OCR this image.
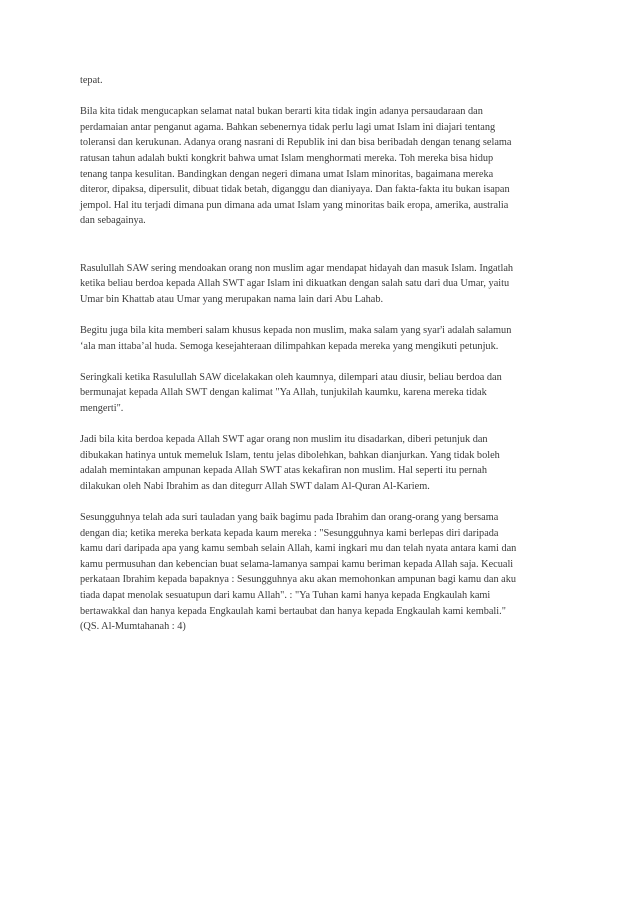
tepat.

Bila kita tidak mengucapkan selamat natal bukan berarti kita tidak ingin adanya persaudaraan dan
perdamaian antar penganut agama. Bahkan sebenernya tidak perlu lagi umat Islam ini diajari tentang
toleransi dan kerukunan. Adanya orang nasrani di Republik ini dan bisa beribadah dengan tenang selama
ratusan tahun adalah bukti kongkrit bahwa umat Islam menghormati mereka. Toh mereka bisa hidup
tenang tanpa kesulitan. Bandingkan dengan negeri dimana umat Islam minoritas, bagaimana mereka
diteror, dipaksa, dipersulit, dibuat tidak betah, diganggu dan dianiyaya. Dan fakta-fakta itu bukan isapan
jempol. Hal itu terjadi dimana pun dimana ada umat Islam yang minoritas baik eropa, amerika, australia
dan sebagainya.

Rasulullah SAW sering mendoakan orang non muslim agar mendapat hidayah dan masuk Islam. Ingatlah
ketika beliau berdoa kepada Allah SWT agar Islam ini dikuatkan dengan salah satu dari dua Umar, yaitu
Umar bin Khattab atau Umar yang merupakan nama lain dari Abu Lahab.

Begitu juga bila kita memberi salam khusus kepada non muslim, maka salam yang syar'i adalah salamun
‘ala man ittaba’al huda. Semoga kesejahteraan dilimpahkan kepada mereka yang mengikuti petunjuk.

Seringkali ketika Rasulullah SAW dicelakakan oleh kaumnya, dilempari atau diusir, beliau berdoa dan
bermunajat kepada Allah SWT dengan kalimat "Ya Allah, tunjukilah kaumku, karena mereka tidak
mengerti".

Jadi bila kita berdoa kepada Allah SWT agar orang non muslim itu disadarkan, diberi petunjuk dan
dibukakan hatinya untuk memeluk Islam, tentu jelas dibolehkan, bahkan dianjurkan. Yang tidak boleh
adalah memintakan ampunan kepada Allah SWT atas kekafiran non muslim. Hal seperti itu pernah
dilakukan oleh Nabi Ibrahim as dan ditegurr Allah SWT dalam Al-Quran Al-Kariem.

Sesungguhnya telah ada suri tauladan yang baik bagimu pada Ibrahim dan orang-orang yang bersama
dengan dia; ketika mereka berkata kepada kaum mereka : "Sesungguhnya kami berlepas diri daripada
kamu dari daripada apa yang kamu sembah selain Allah, kami ingkari mu dan telah nyata antara kami dan
kamu permusuhan dan kebencian buat selama-lamanya sampai kamu beriman kepada Allah saja. Kecuali
perkataan Ibrahim kepada bapaknya : Sesungguhnya aku akan memohonkan ampunan bagi kamu dan aku
tiada dapat menolak sesuatupun dari kamu Allah". : "Ya Tuhan kami hanya kepada Engkaulah kami
bertawakkal dan hanya kepada Engkaulah kami bertaubat dan hanya kepada Engkaulah kami kembali."
(QS. Al-Mumtahanah : 4)
